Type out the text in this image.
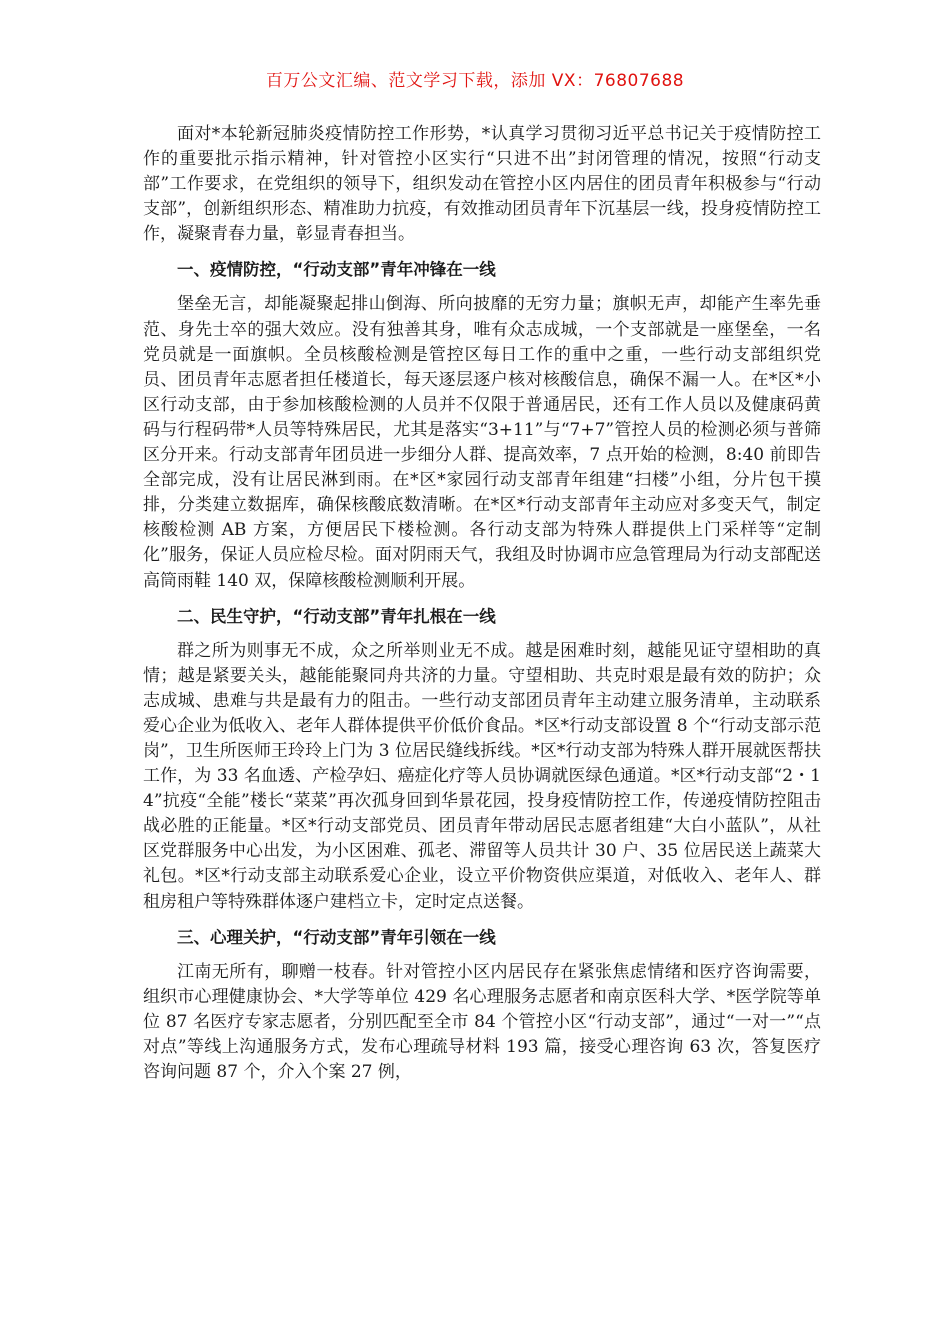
百万公文汇编、范文学习下载，添加 VX：76807688

面对*本轮新冠肺炎疫情防控工作形势，*认真学习贯彻习近平总书记关于疫情防控工作的重要批示指示精神，针对管控小区实行“只进不出”封闭管理的情况，按照“行动支部”工作要求，在党组织的领导下，组织发动在管控小区内居住的团员青年积极参与“行动支部”，创新组织形态、精准助力抗疫，有效推动团员青年下沉基层一线，投身疫情防控工作，凝聚青春力量，彰显青春担当。

一、疫情防控，“行动支部”青年冲锋在一线

堡垒无言，却能凝聚起排山倒海、所向披靡的无穷力量；旗帜无声，却能产生率先垂范、身先士卒的强大效应。没有独善其身，唯有众志成城，一个支部就是一座堡垒，一名党员就是一面旗帜。全员核酸检测是管控区每日工作的重中之重，一些行动支部组织党员、团员青年志愿者担任楼道长，每天逐层逐户核对核酸信息，确保不漏一人。在*区*小区行动支部，由于参加核酸检测的人员并不仅限于普通居民，还有工作人员以及健康码黄码与行程码带*人员等特殊居民，尤其是落实“3+11”与“7+7”管控人员的检测必须与普筛区分开来。行动支部青年团员进一步细分人群、提高效率，7 点开始的检测，8:40 前即告全部完成，没有让居民淋到雨。在*区*家园行动支部青年组建“扫楼”小组，分片包干摸排，分类建立数据库，确保核酸底数清晰。在*区*行动支部青年主动应对多变天气，制定核酸检测 AB 方案，方便居民下楼检测。各行动支部为特殊人群提供上门采样等“定制化”服务，保证人员应检尽检。面对阴雨天气，我组及时协调市应急管理局为行动支部配送高筒雨鞋 140 双，保障核酸检测顺利开展。

二、民生守护，“行动支部”青年扎根在一线

群之所为则事无不成，众之所举则业无不成。越是困难时刻，越能见证守望相助的真情；越是紧要关头，越能能聚同舟共济的力量。守望相助、共克时艰是最有效的防护；众志成城、患难与共是最有力的阻击。一些行动支部团员青年主动建立服务清单，主动联系爱心企业为低收入、老年人群体提供平价低价食品。*区*行动支部设置 8 个“行动支部示范岗”，卫生所医师王玲玲上门为 3 位居民缝线拆线。*区*行动支部为特殊人群开展就医帮扶工作，为 33 名血透、产检孕妇、癌症化疗等人员协调就医绿色通道。*区*行动支部“2・14”抗疫“全能”楼长“菜菜”再次孤身回到华景花园，投身疫情防控工作，传递疫情防控阻击战必胜的正能量。*区*行动支部党员、团员青年带动居民志愿者组建“大白小蓝队”，从社区党群服务中心出发，为小区困难、孤老、滞留等人员共计 30 户、35 位居民送上蔬菜大礼包。*区*行动支部主动联系爱心企业，设立平价物资供应渠道，对低收入、老年人、群租房租户等特殊群体逐户建档立卡，定时定点送餐。

三、心理关护，“行动支部”青年引领在一线

江南无所有，聊赠一枝春。针对管控小区内居民存在紧张焦虑情绪和医疗咨询需要，组织市心理健康协会、*大学等单位 429 名心理服务志愿者和南京医科大学、*医学院等单位 87 名医疗专家志愿者，分别匹配至全市 84 个管控小区“行动支部”，通过“一对一”“点对点”等线上沟通服务方式，发布心理疏导材料 193 篇，接受心理咨询 63 次，答复医疗咨询问题 87 个，介入个案 27 例，
